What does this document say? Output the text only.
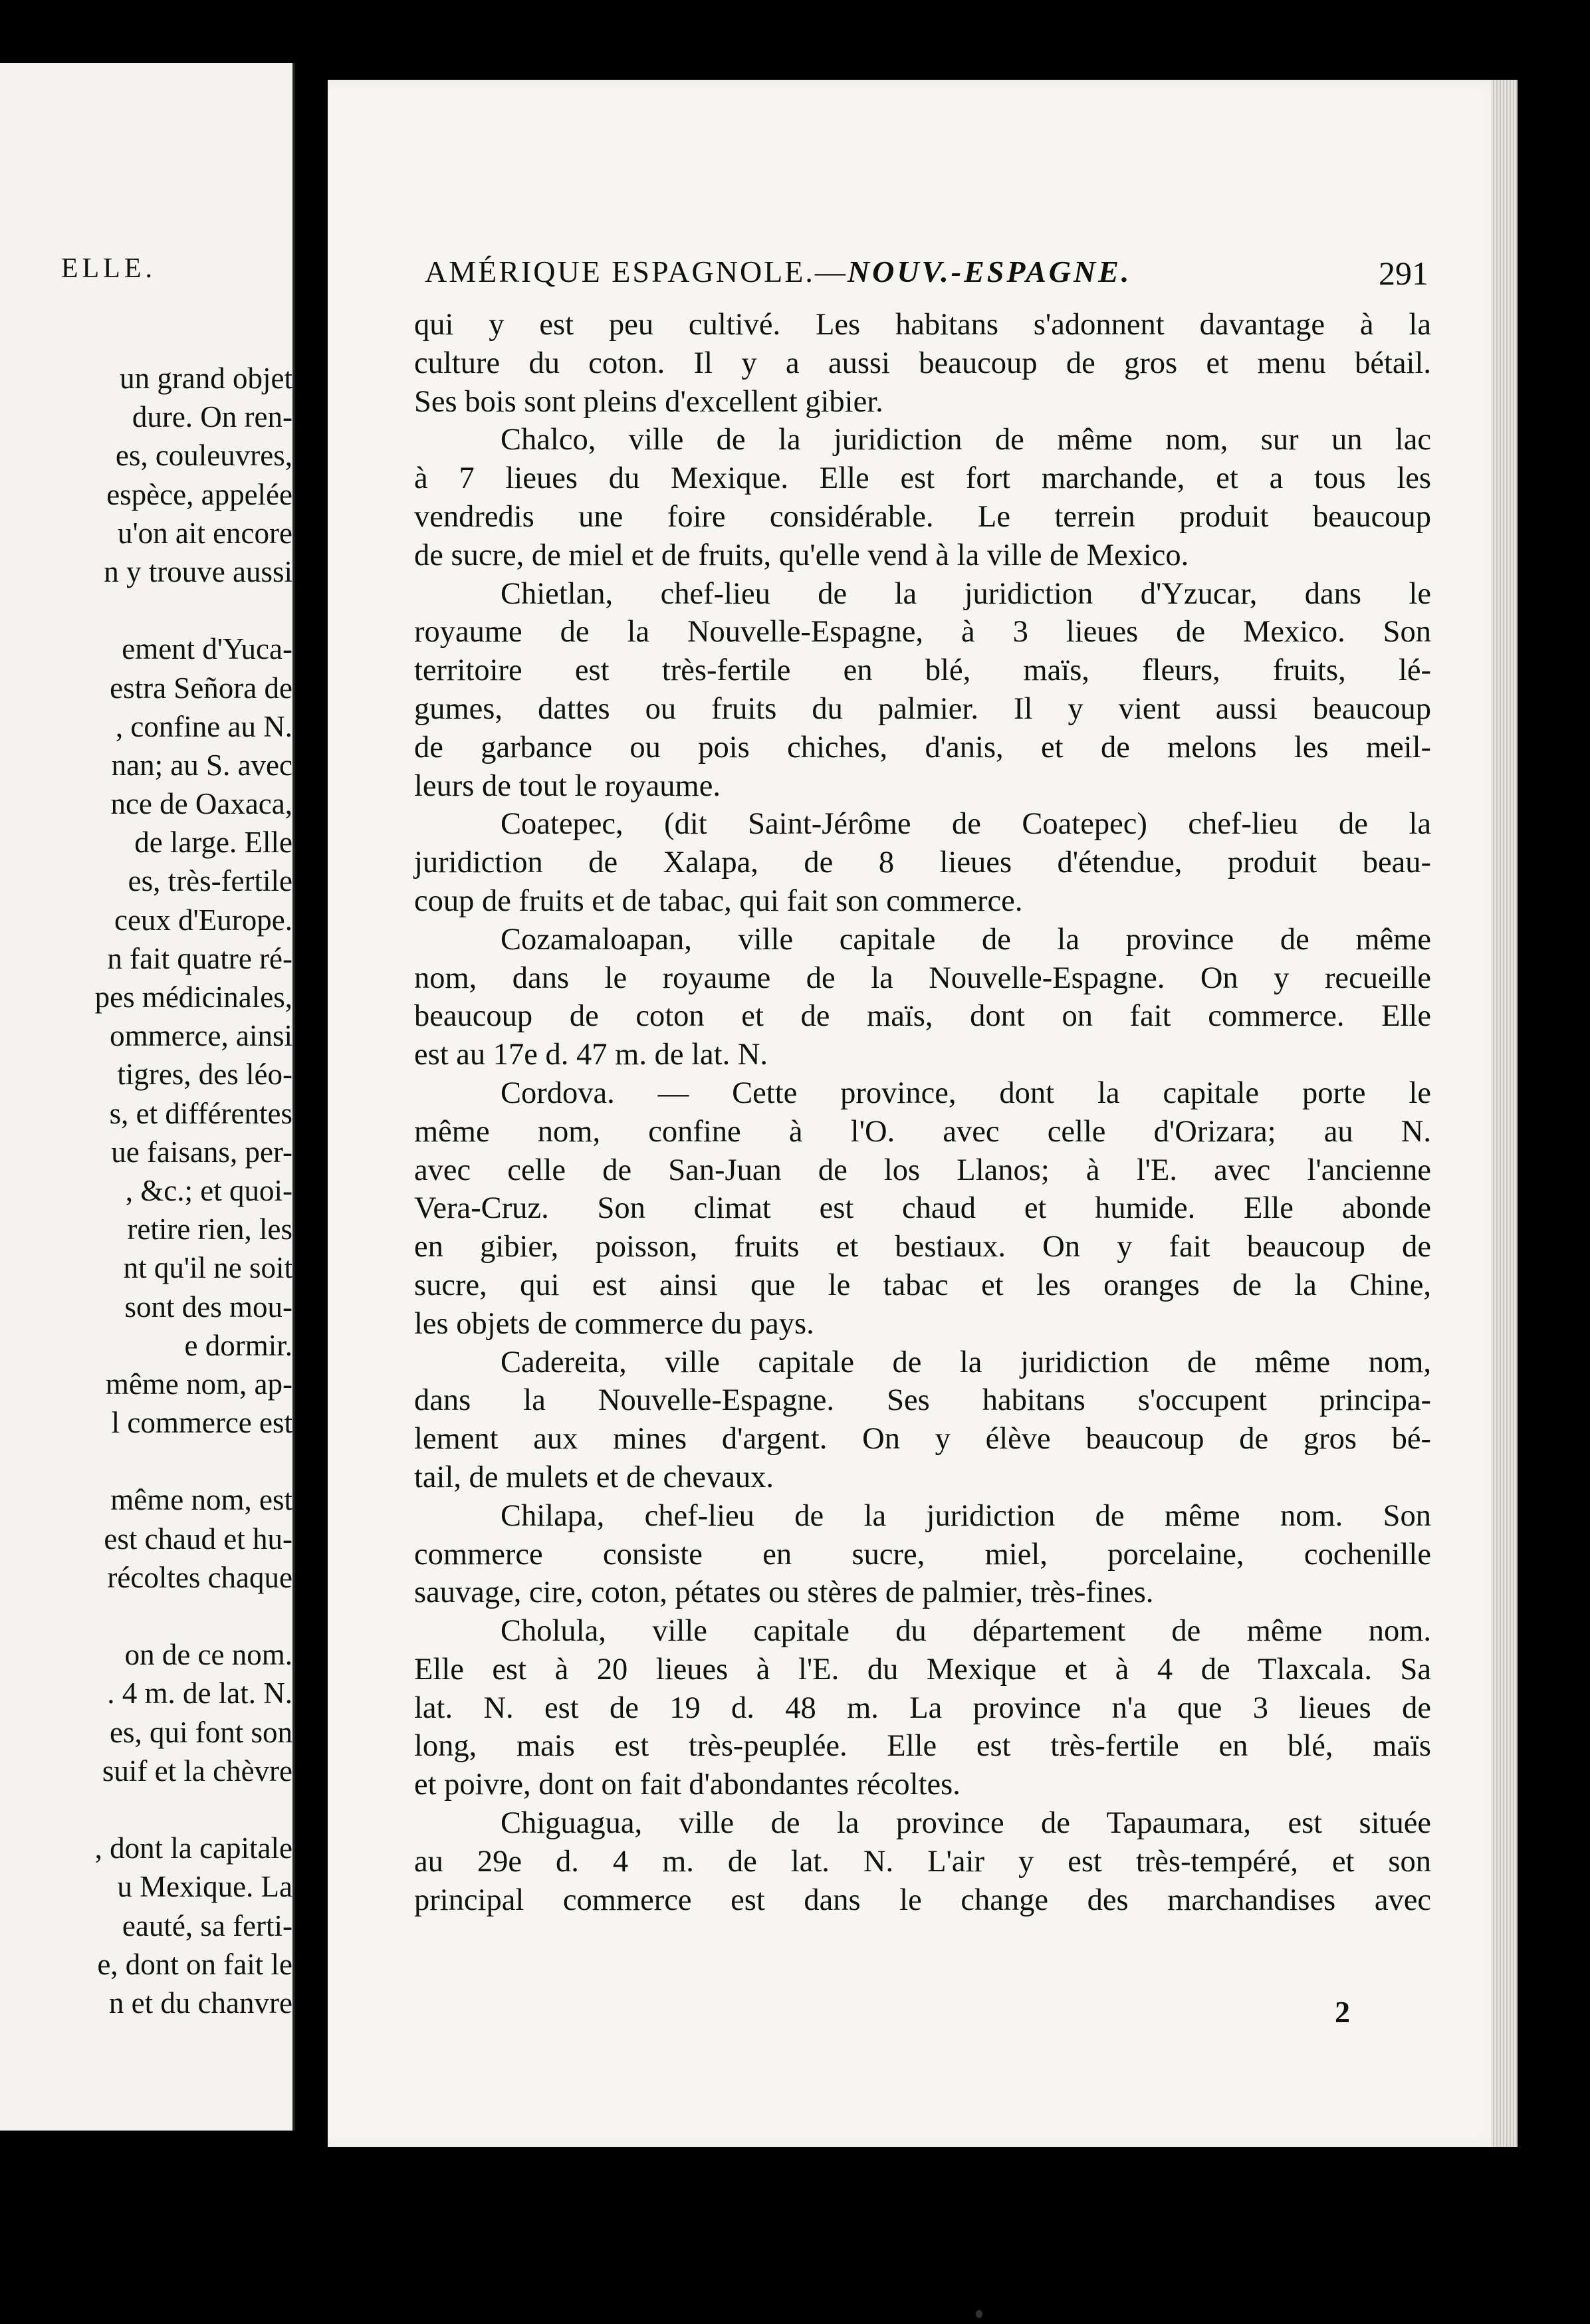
ELLE.
un grand objet
dure. On ren-
es, couleuvres,
espèce, appelée
u'on ait encore
n y trouve aussi
ement d'Yuca-
estra Señora de
, confine au N.
nan; au S. avec
nce de Oaxaca,
de large. Elle
es, très-fertile
ceux d'Europe.
n fait quatre ré-
pes médicinales,
ommerce, ainsi
tigres, des léo-
s, et différentes
ue faisans, per-
, &c.; et quoi-
retire rien, les
nt qu'il ne soit
sont des mou-
e dormir.
même nom, ap-
l commerce est
même nom, est
est chaud et hu-
récoltes chaque
on de ce nom.
. 4 m. de lat. N.
es, qui font son
suif et la chèvre
, dont la capitale
u Mexique. La
eauté, sa ferti-
e, dont on fait le
n et du chanvre
AMÉRIQUE ESPAGNOLE.—NOUV.-ESPAGNE.	291
qui y est peu cultivé. Les habitans s'adonnent davantage à la
culture du coton. Il y a aussi beaucoup de gros et menu bétail.
Ses bois sont pleins d'excellent gibier.
Chalco, ville de la juridiction de même nom, sur un lac
à 7 lieues du Mexique. Elle est fort marchande, et a tous les
vendredis une foire considérable. Le terrein produit beaucoup
de sucre, de miel et de fruits, qu'elle vend à la ville de Mexico.
Chietlan, chef-lieu de la juridiction d'Yzucar, dans le
royaume de la Nouvelle-Espagne, à 3 lieues de Mexico. Son
territoire est très-fertile en blé, maïs, fleurs, fruits, lé-
gumes, dattes ou fruits du palmier. Il y vient aussi beaucoup
de garbance ou pois chiches, d'anis, et de melons les meil-
leurs de tout le royaume.
Coatepec, (dit Saint-Jérôme de Coatepec) chef-lieu de la
juridiction de Xalapa, de 8 lieues d'étendue, produit beau-
coup de fruits et de tabac, qui fait son commerce.
Cozamaloapan, ville capitale de la province de même
nom, dans le royaume de la Nouvelle-Espagne. On y recueille
beaucoup de coton et de maïs, dont on fait commerce. Elle
est au 17e d. 47 m. de lat. N.
Cordova. — Cette province, dont la capitale porte le
même nom, confine à l'O. avec celle d'Orizara; au N.
avec celle de San-Juan de los Llanos; à l'E. avec l'ancienne
Vera-Cruz. Son climat est chaud et humide. Elle abonde
en gibier, poisson, fruits et bestiaux. On y fait beaucoup de
sucre, qui est ainsi que le tabac et les oranges de la Chine,
les objets de commerce du pays.
Cadereita, ville capitale de la juridiction de même nom,
dans la Nouvelle-Espagne. Ses habitans s'occupent principa-
lement aux mines d'argent. On y élève beaucoup de gros bé-
tail, de mulets et de chevaux.
Chilapa, chef-lieu de la juridiction de même nom. Son
commerce consiste en sucre, miel, porcelaine, cochenille
sauvage, cire, coton, pétates ou stères de palmier, très-fines.
Cholula, ville capitale du département de même nom.
Elle est à 20 lieues à l'E. du Mexique et à 4 de Tlaxcala. Sa
lat. N. est de 19 d. 48 m. La province n'a que 3 lieues de
long, mais est très-peuplée. Elle est très-fertile en blé, maïs
et poivre, dont on fait d'abondantes récoltes.
Chiguagua, ville de la province de Tapaumara, est située
au 29e d. 4 m. de lat. N. L'air y est très-tempéré, et son
principal commerce est dans le change des marchandises avec
2
